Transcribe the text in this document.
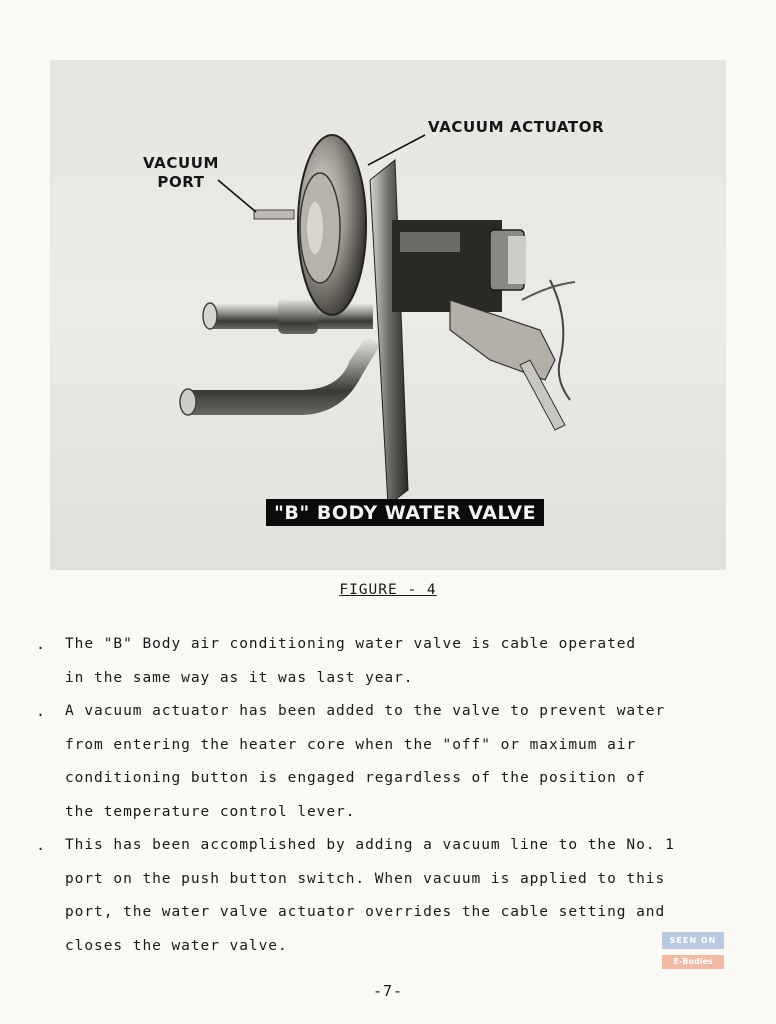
VACUUM ACTUATOR
VACUUM
PORT
"B" BODY WATER VALVE
FIGURE - 4
. The "B" Body air conditioning water valve is cable operated
in the same way as it was last year.
. A vacuum actuator has been added to the valve to prevent water
from entering the heater core when the "off" or maximum air
conditioning button is engaged regardless of the position of
the temperature control lever.
. This has been accomplished by adding a vacuum line to the No. 1
port on the push button switch. When vacuum is applied to this
port, the water valve actuator overrides the cable setting and
closes the water valve.	SEEN ON
E-Bodies
-7-
